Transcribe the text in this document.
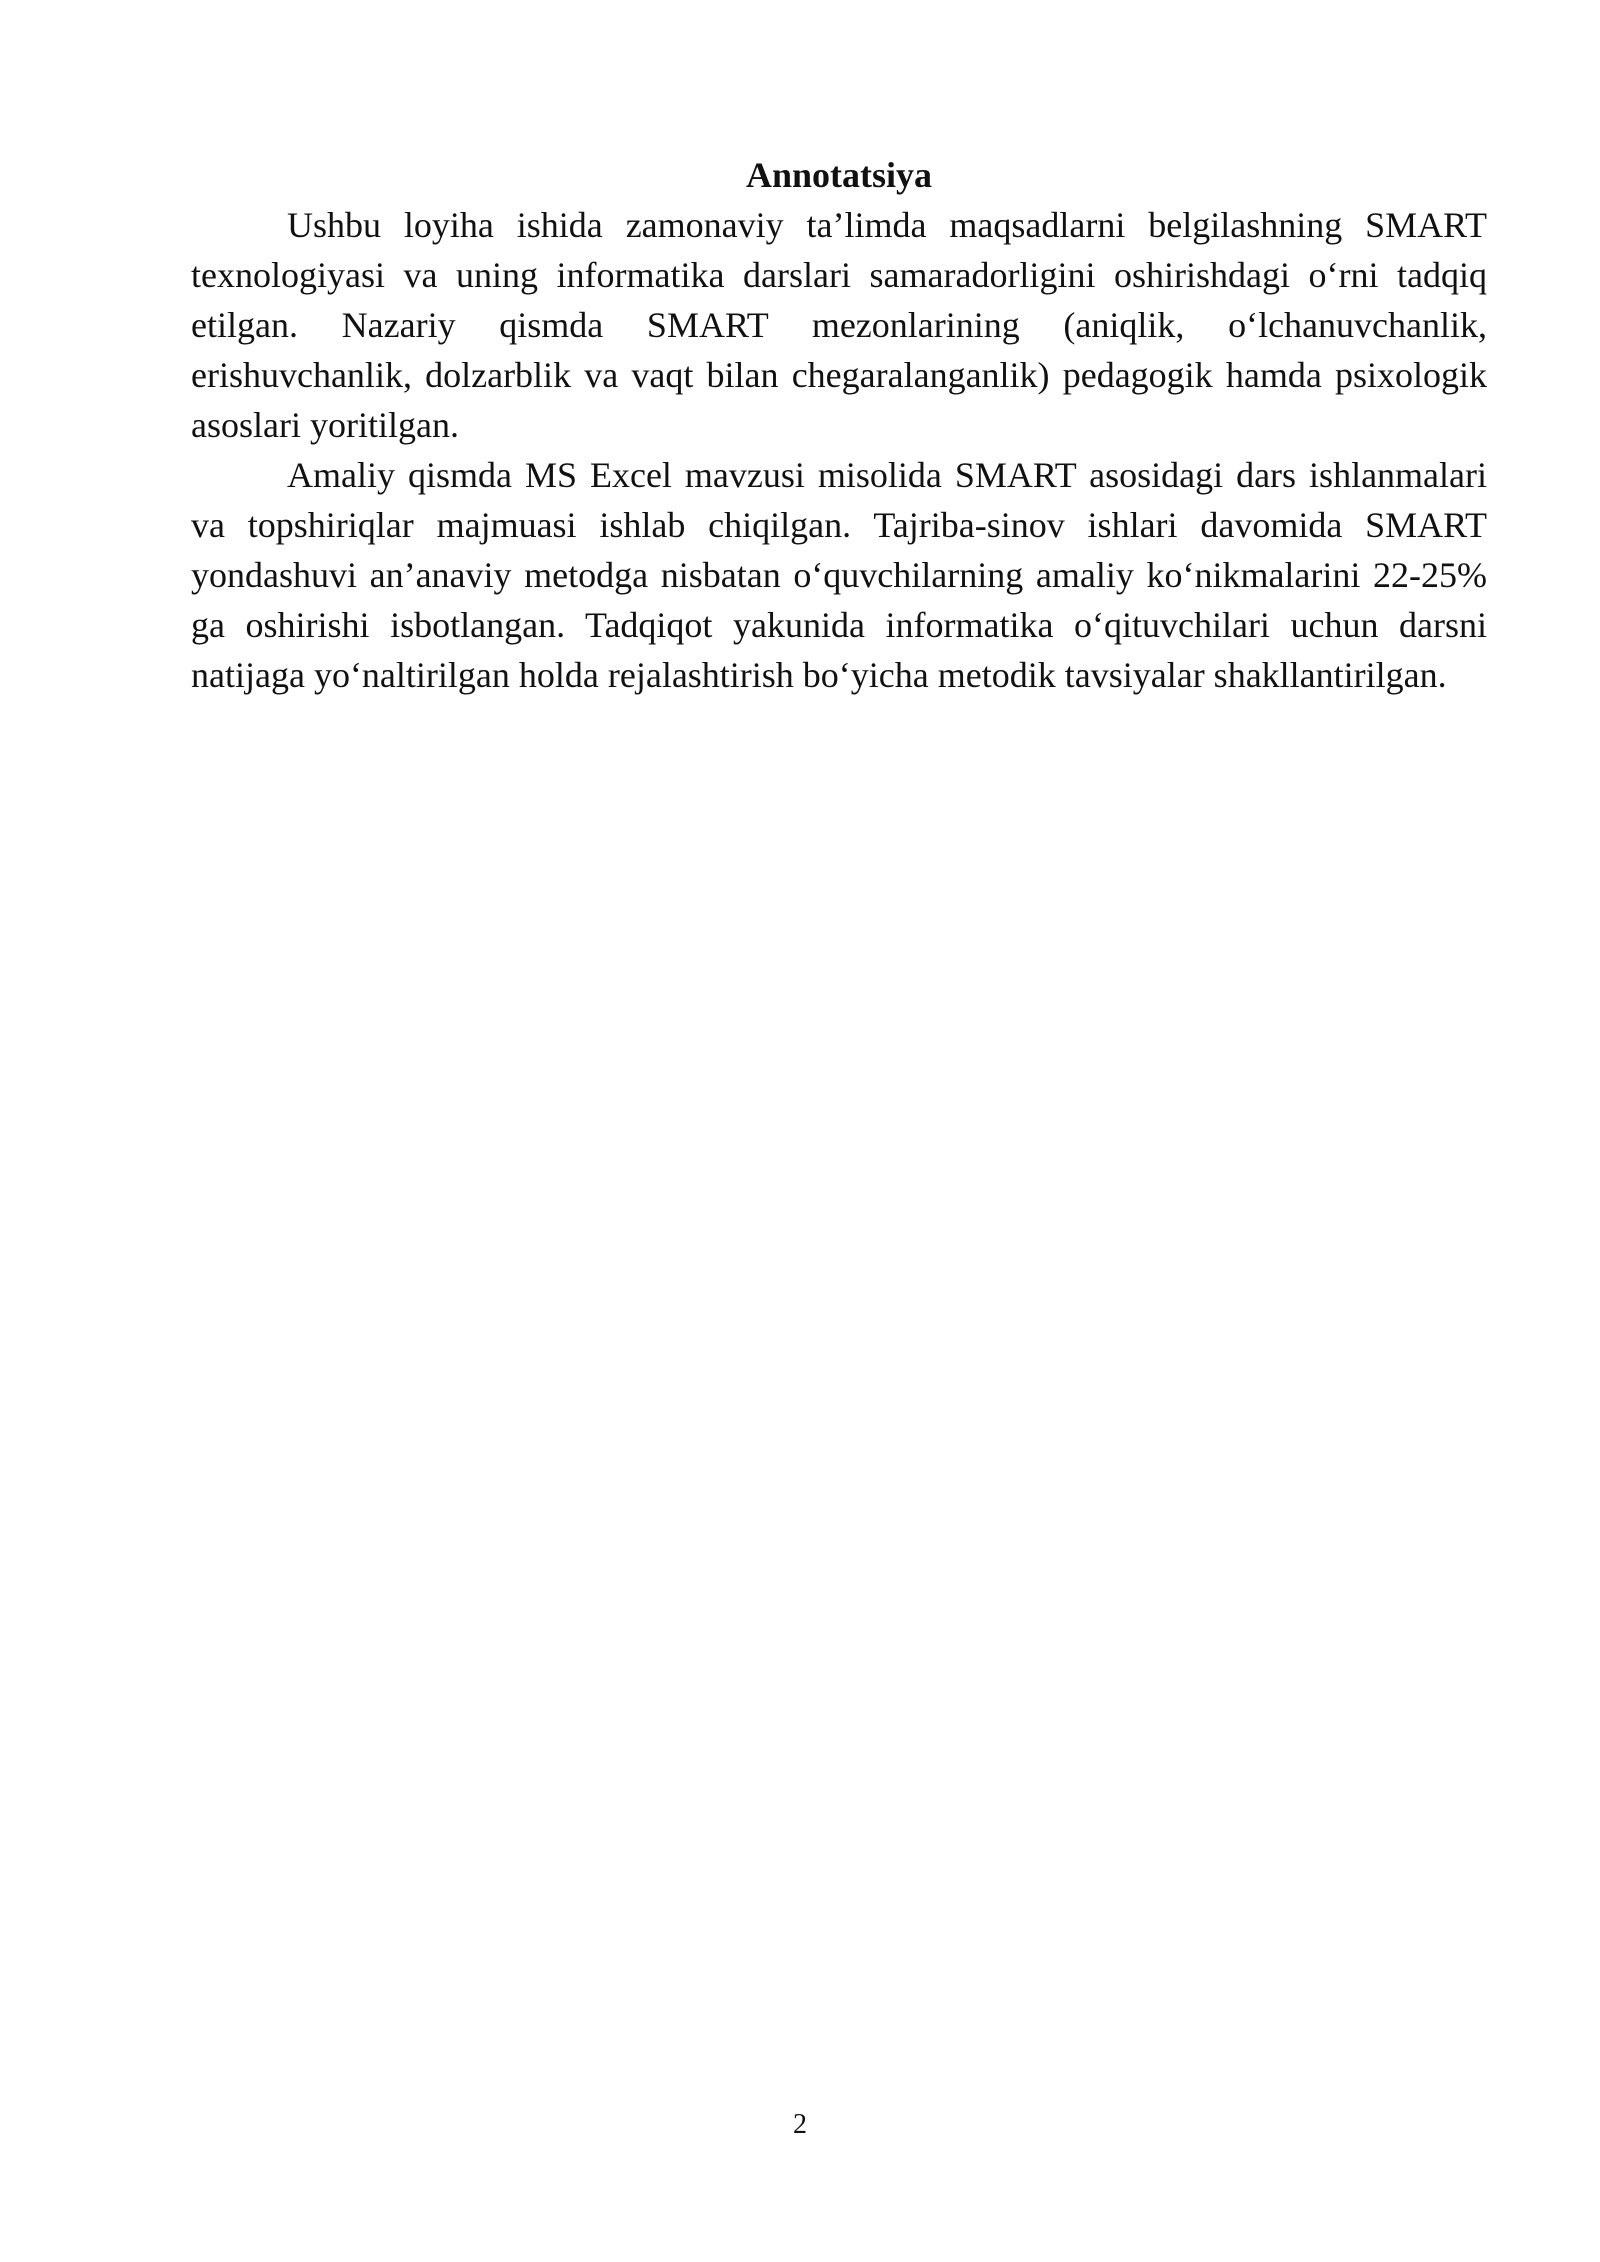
Annotatsiya

Ushbu loyiha ishida zamonaviy ta’limda maqsadlarni belgilashning SMART texnologiyasi va uning informatika darslari samaradorligini oshirishdagi o‘rni tadqiq etilgan. Nazariy qismda SMART mezonlarining (aniqlik, o‘lchanuvchanlik, erishuvchanlik, dolzarblik va vaqt bilan chegaralanganlik) pedagogik hamda psixologik asoslari yoritilgan.

Amaliy qismda MS Excel mavzusi misolida SMART asosidagi dars ishlanmalari va topshiriqlar majmuasi ishlab chiqilgan. Tajriba-sinov ishlari davomida SMART yondashuvi an’anaviy metodga nisbatan o‘quvchilarning amaliy ko‘nikmalarini 22-25% ga oshirishi isbotlangan. Tadqiqot yakunida informatika o‘qituvchilari uchun darsni natijaga yo‘naltirilgan holda rejalashtirish bo‘yicha metodik tavsiyalar shakllantirilgan.

2
